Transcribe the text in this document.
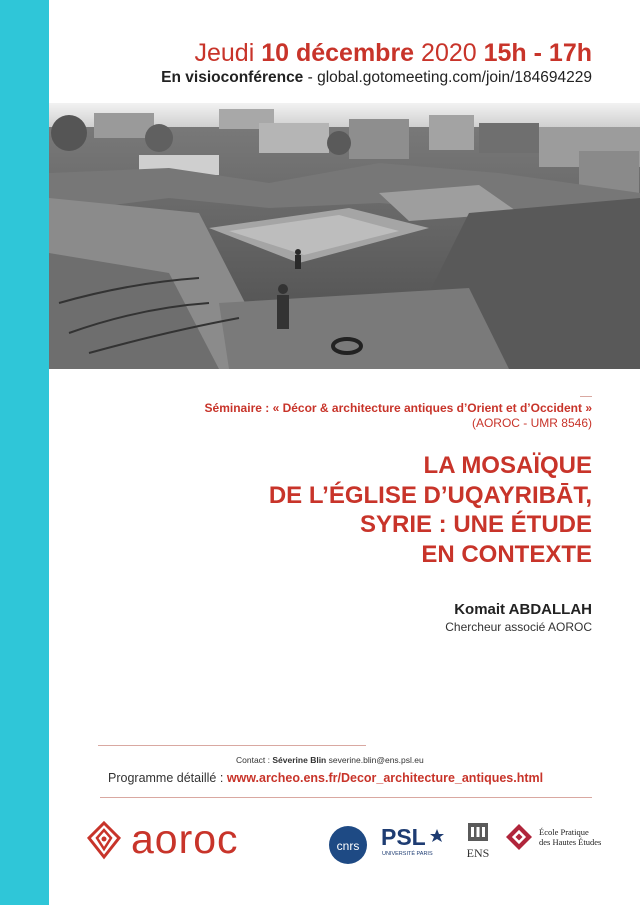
Jeudi 10 décembre 2020 15h - 17h
En visioconférence - global.gotomeeting.com/join/184694229
Séminaire : « Décor & architecture antiques d’Orient et d’Occident »
(AOROC - UMR 8546)
LA MOSAÏQUE
DE L’ÉGLISE D’UQAYRIBĀT,
SYRIE : UNE ÉTUDE
EN CONTEXTE
Komait ABDALLAH
Chercheur associé AOROC
Contact : Séverine Blin severine.blin@ens.psl.eu
Programme détaillé : www.archeo.ens.fr/Decor_architecture_antiques.html
aoroc	cnrs PSL
UNIVERSITÉ PARIS	ENS
École Pratique
des Hautes Études
